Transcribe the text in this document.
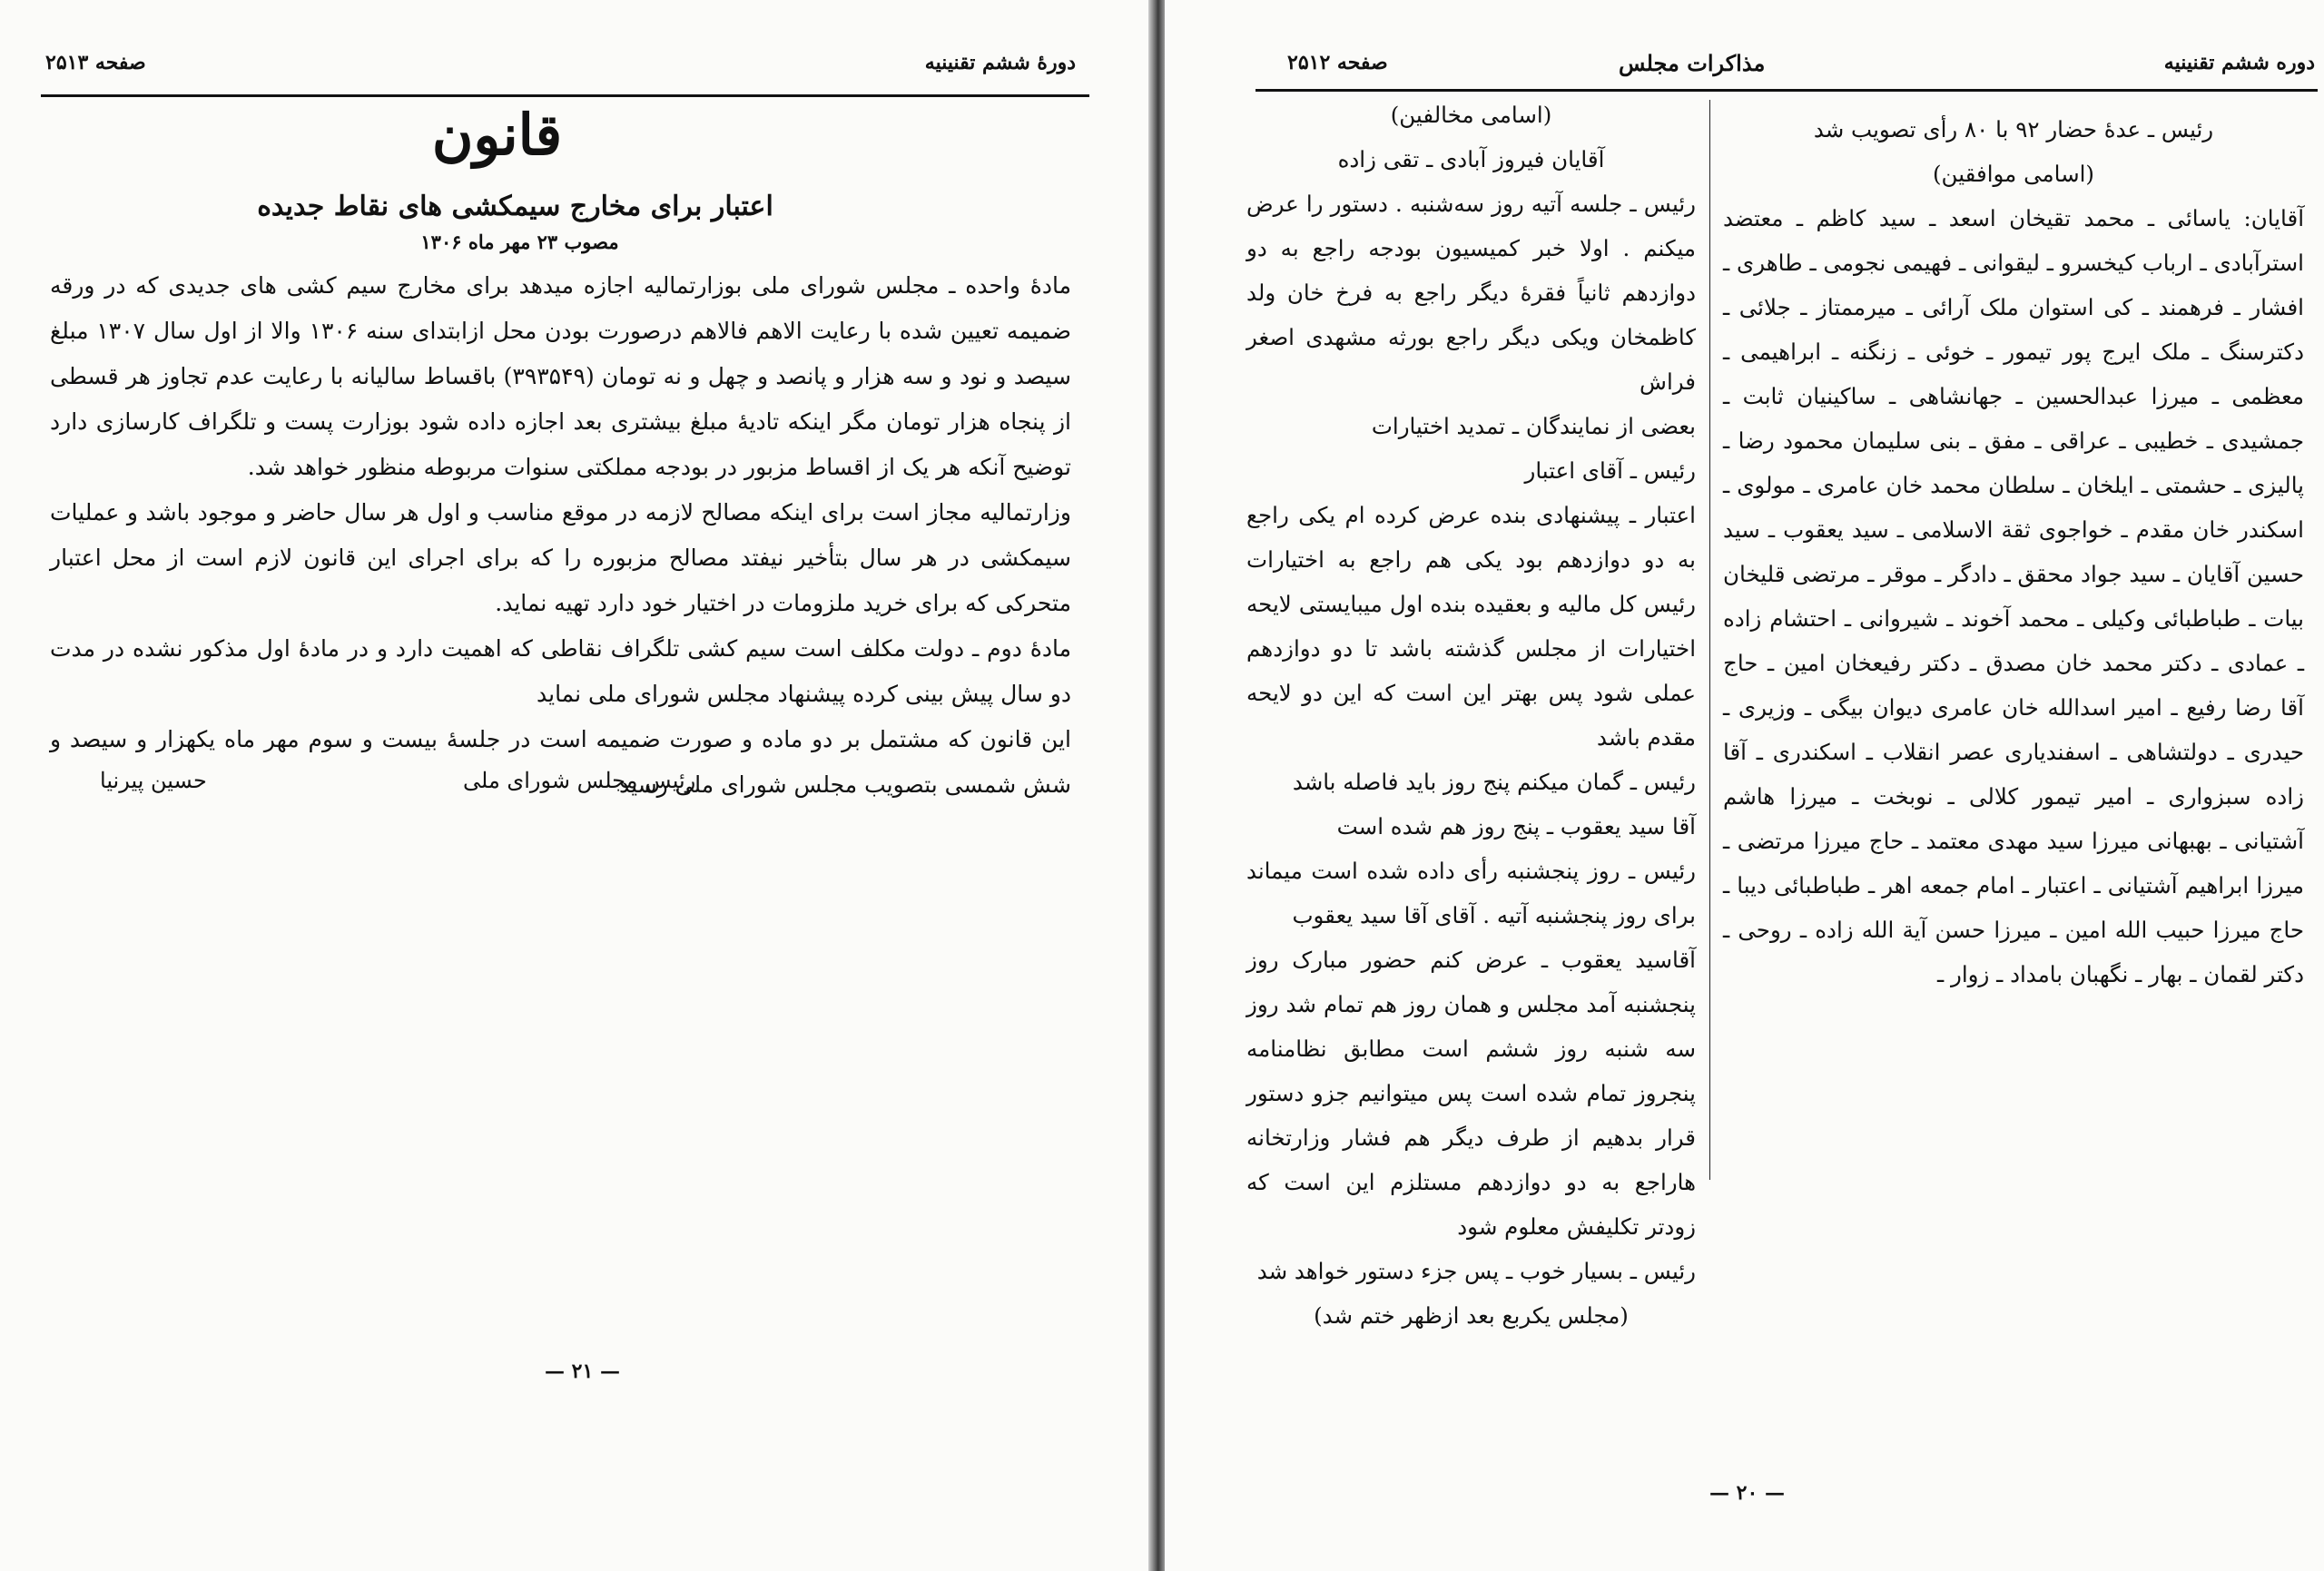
دورهٔ ششم تقنینیه
صفحه ۲۵۱۳
قانون
اعتبار برای مخارج سیمکشی های نقاط جدیده
مصوب ۲۳ مهر ماه ۱۳۰۶
مادهٔ واحده ـ مجلس شورای ملی بوزارتمالیه اجازه میدهد برای مخارج سیم کشی های جدیدی که در ورقه ضمیمه تعیین شده با رعایت الاهم فالاهم درصورت بودن محل ازابتدای سنه ۱۳۰۶ والا از اول سال ۱۳۰۷ مبلغ سیصد و نود و سه هزار و پانصد و چهل و نه تومان (۳۹۳۵۴۹) باقساط سالیانه با رعایت عدم تجاوز هر قسطی از پنجاه هزار تومان مگر اینکه تادیهٔ مبلغ بیشتری بعد اجازه داده شود بوزارت پست و تلگراف کارسازی دارد توضیح آنکه هر یک از اقساط مزبور در بودجه مملکتی سنوات مربوطه منظور خواهد شد.
وزارتمالیه مجاز است برای اینکه مصالح لازمه در موقع مناسب و اول هر سال حاضر و موجود باشد و عملیات سیمکشی در هر سال بتأخیر نیفتد مصالح مزبوره را که برای اجرای این قانون لازم است از محل اعتبار متحرکی که برای خرید ملزومات در اختیار خود دارد تهیه نماید.
مادهٔ دوم ـ دولت مکلف است سیم کشی تلگراف نقاطی که اهمیت دارد و در مادهٔ اول مذکور نشده در مدت دو سال پیش بینی کرده پیشنهاد مجلس شورای ملی نماید
این قانون که مشتمل بر دو ماده و صورت ضمیمه است در جلسهٔ بیست و سوم مهر ماه یکهزار و سیصد و شش شمسی بتصویب مجلس شورای ملی رسید
رئیس مجلس شورای ملی
حسین پیرنیا
— ۲۱ —
دوره ششم تقنینیه
مذاکرات مجلس
صفحه ۲۵۱۲

رئیس ـ عدهٔ حضار ۹۲ با ۸۰ رأی تصویب شد

(اسامی موافقین)

آقایان: یاسائی ـ محمد تقیخان اسعد ـ سید کاظم ـ معتضد استرآبادی ـ ارباب کیخسرو ـ لیقوانی ـ فهیمی نجومی ـ طاهری ـ افشار ـ فرهمند ـ کی استوان ملک آرائی ـ میرممتاز ـ جلائی ـ دکترسنگ ـ ملک ایرج پور تیمور ـ خوئی ـ زنگنه ـ ابراهیمی ـ معظمی ـ میرزا عبدالحسین ـ جهانشاهی ـ ساکینیان ثابت ـ جمشیدی ـ خطیبی ـ عراقی ـ مفق ـ بنی سلیمان محمود رضا ـ پالیزی ـ حشمتی ـ ایلخان ـ سلطان محمد خان عامری ـ مولوی ـ اسکندر خان مقدم ـ خواجوی ثقة الاسلامی ـ سید یعقوب ـ سید حسین آقایان ـ سید جواد محقق ـ دادگر ـ موقر ـ مرتضی قلیخان بیات ـ طباطبائی وکیلی ـ محمد آخوند ـ شیروانی ـ احتشام زاده ـ عمادی ـ دکتر محمد خان مصدق ـ دکتر رفیعخان امین ـ حاج آقا رضا رفیع ـ امیر اسدالله خان عامری دیوان بیگی ـ وزیری ـ حیدری ـ دولتشاهی ـ اسفندیاری عصر انقلاب ـ اسکندری ـ آقا زاده سبزواری ـ امیر تیمور کلالی ـ نوبخت ـ میرزا هاشم آشتیانی ـ بهبهانی میرزا سید مهدی معتمد ـ حاج میرزا مرتضی ـ میرزا ابراهیم آشتیانی ـ اعتبار ـ امام جمعه اهر ـ طباطبائی دیبا ـ حاج میرزا حبیب الله امین ـ میرزا حسن آیة الله زاده ـ روحی ـ دکتر لقمان ـ بهار ـ نگهبان بامداد ـ زوار ـ

(اسامی مخالفین)

آقایان فیروز آبادی ـ تقی زاده

رئیس ـ جلسه آتیه روز سه‌شنبه . دستور را عرض میکنم . اولا خبر کمیسیون بودجه راجع به دو دوازدهم ثانیاً فقرهٔ دیگر راجع به فرخ خان ولد کاظمخان ویکی دیگر راجع بورثه مشهدی اصغر فراش

بعضی از نمایندگان ـ تمدید اختیارات

رئیس ـ آقای اعتبار

اعتبار ـ پیشنهادی بنده عرض کرده ام یکی راجع به دو دوازدهم بود یکی هم راجع به اختیارات رئیس کل مالیه و بعقیده بنده اول میبایستی لایحه اختیارات از مجلس گذشته باشد تا دو دوازدهم عملی شود پس بهتر این است که این دو لایحه مقدم باشد

رئیس ـ گمان میکنم پنج روز باید فاصله باشد

آقا سید یعقوب ـ پنج روز هم شده است

رئیس ـ روز پنجشنبه رأی داده شده است میماند برای روز پنجشنبه آتیه . آقای آقا سید یعقوب

آقاسید یعقوب ـ عرض کنم حضور مبارک روز پنجشنبه آمد مجلس و همان روز هم تمام شد روز سه شنبه روز ششم است مطابق نظامنامه پنجروز تمام شده است پس میتوانیم جزو دستور قرار بدهیم از طرف دیگر هم فشار وزارتخانه هاراجع به دو دوازدهم مستلزم این است که زودتر تکلیفش معلوم شود

رئیس ـ بسیار خوب ـ پس جزء دستور خواهد شد

(مجلس یکربع بعد ازظهر ختم شد)

— ۲۰ —
